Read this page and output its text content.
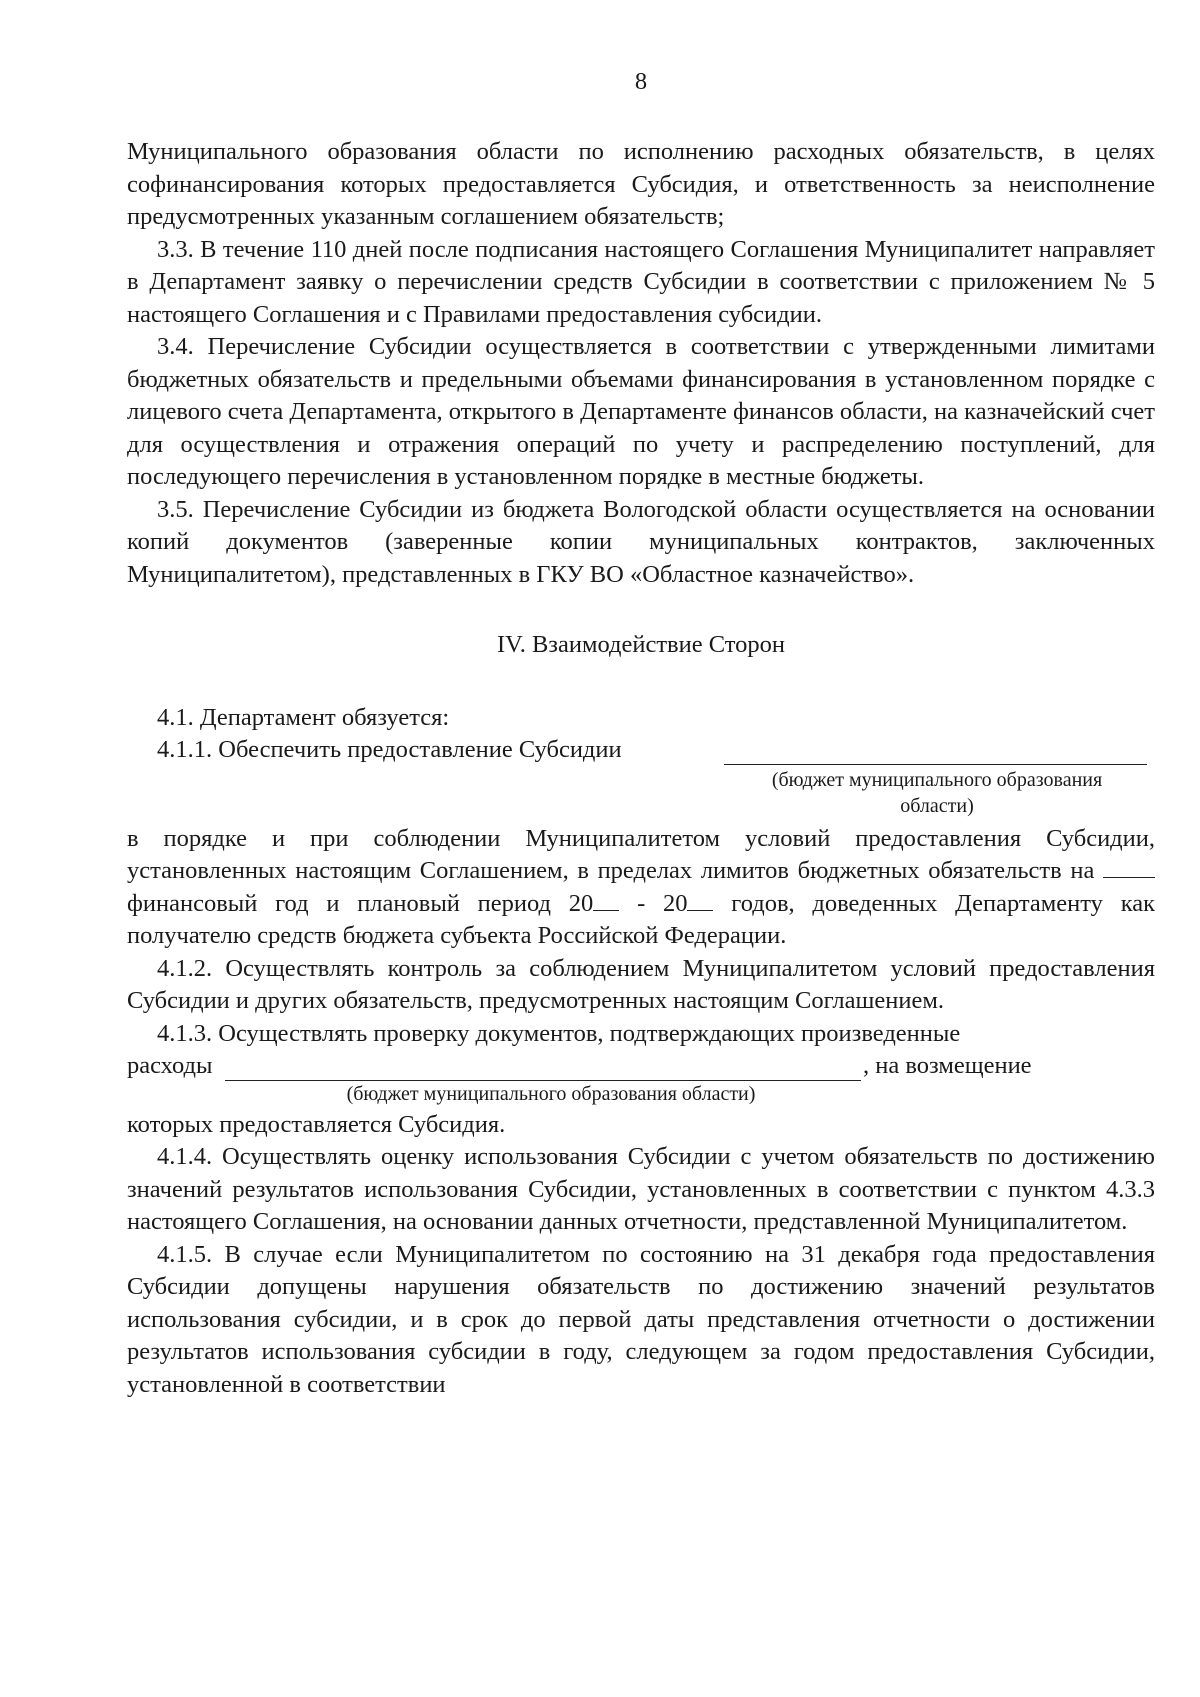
8

Муниципального образования области по исполнению расходных обязательств, в целях софинансирования которых предоставляется Субсидия, и ответственность за неисполнение предусмотренных указанным соглашением обязательств;

3.3. В течение 110 дней после подписания настоящего Соглашения Муниципалитет направляет в Департамент заявку о перечислении средств Субсидии в соответствии с приложением № 5 настоящего Соглашения и с Правилами предоставления субсидии.

3.4. Перечисление Субсидии осуществляется в соответствии с утвержденными лимитами бюджетных обязательств и предельными объемами финансирования в установленном порядке с лицевого счета Департамента, открытого в Департаменте финансов области, на казначейский счет для осуществления и отражения операций по учету и распределению поступлений, для последующего перечисления в установленном порядке в местные бюджеты.

3.5. Перечисление Субсидии из бюджета Вологодской области осуществляется на основании копий документов (заверенные копии муниципальных контрактов, заключенных Муниципалитетом), представленных в ГКУ ВО «Областное казначейство».

IV. Взаимодействие Сторон

4.1. Департамент обязуется:

4.1.1. Обеспечить предоставление Субсидии
(бюджет муниципального образования области)

в порядке и при соблюдении Муниципалитетом условий предоставления Субсидии, установленных настоящим Соглашением, в пределах лимитов бюджетных обязательств на  финансовый год и плановый период 20 - 20 годов, доведенных Департаменту как получателю средств бюджета субъекта Российской Федерации.

4.1.2. Осуществлять контроль за соблюдением Муниципалитетом условий предоставления Субсидии и других обязательств, предусмотренных настоящим Соглашением.

4.1.3. Осуществлять проверку документов, подтверждающих произведенные

расходы	, на возмещение
(бюджет муниципального образования области)

которых предоставляется Субсидия.

4.1.4. Осуществлять оценку использования Субсидии с учетом обязательств по достижению значений результатов использования Субсидии, установленных в соответствии с пунктом 4.3.3 настоящего Соглашения, на основании данных отчетности, представленной Муниципалитетом.

4.1.5. В случае если Муниципалитетом по состоянию на 31 декабря года предоставления Субсидии допущены нарушения обязательств по достижению значений результатов использования субсидии, и в срок до первой даты представления отчетности о достижении результатов использования субсидии в году, следующем за годом предоставления Субсидии, установленной в соответствии
